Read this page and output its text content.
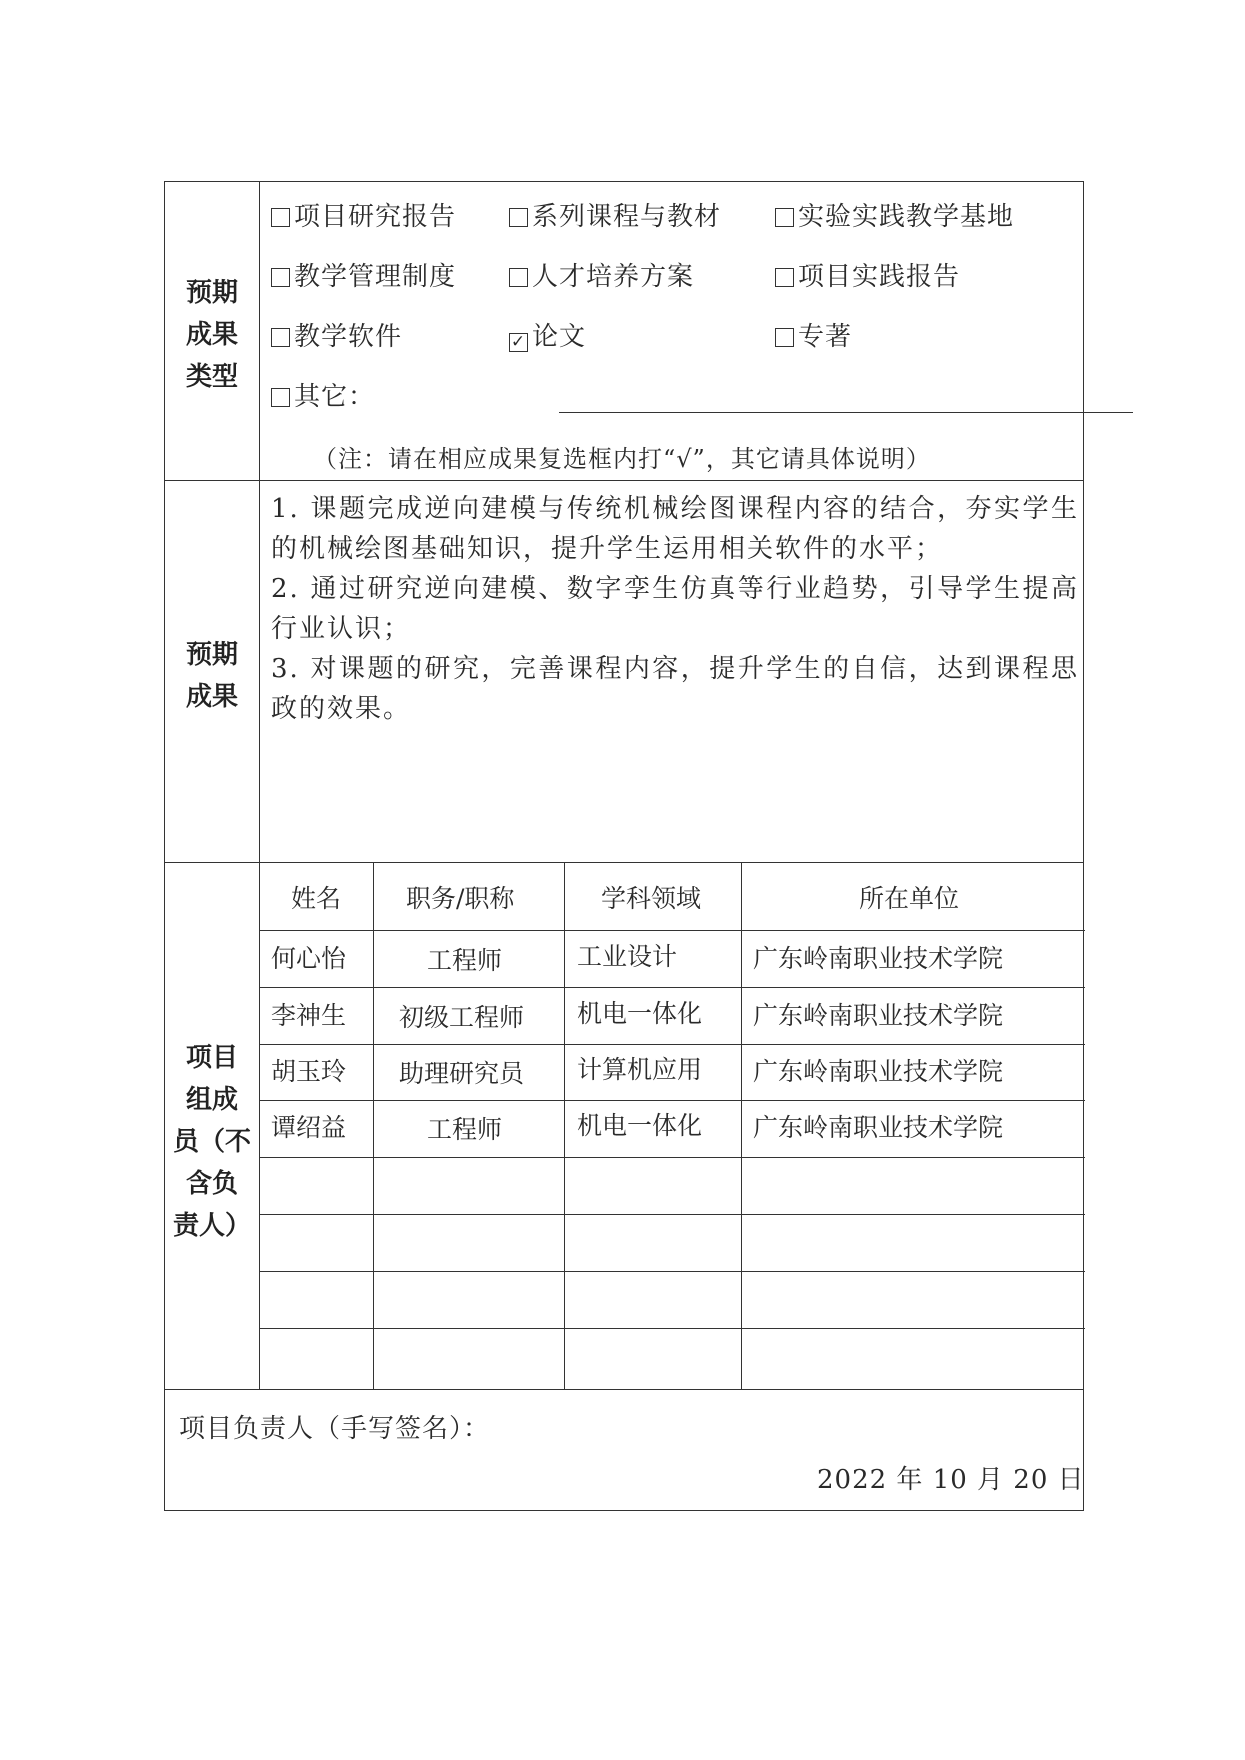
预期
成果
类型
项目研究报告	系列课程与教材	实验实践教学基地
教学管理制度	人才培养方案	项目实践报告
教学软件	✓ 论文	专著
其它：
（注：请在相应成果复选框内打“√”，其它请具体说明）
预期
成果

1. 课题完成逆向建模与传统机械绘图课程内容的结合，夯实学生的机械绘图基础知识，提升学生运用相关软件的水平；

2. 通过研究逆向建模、数字孪生仿真等行业趋势，引导学生提高行业认识；

3. 对课题的研究，完善课程内容，提升学生的自信，达到课程思政的效果。

项目
组成
员（不
含负
责人）
姓名	职务/职称	学科领域	所在单位
何心怡	工程师	工业设计	广东岭南职业技术学院
李神生 初级工程师 机电一体化 广东岭南职业技术学院
胡玉玲 助理研究员 计算机应用 广东岭南职业技术学院
谭绍益	工程师	机电一体化 广东岭南职业技术学院
项目负责人（手写签名）：
2022 年 10 月 20 日
